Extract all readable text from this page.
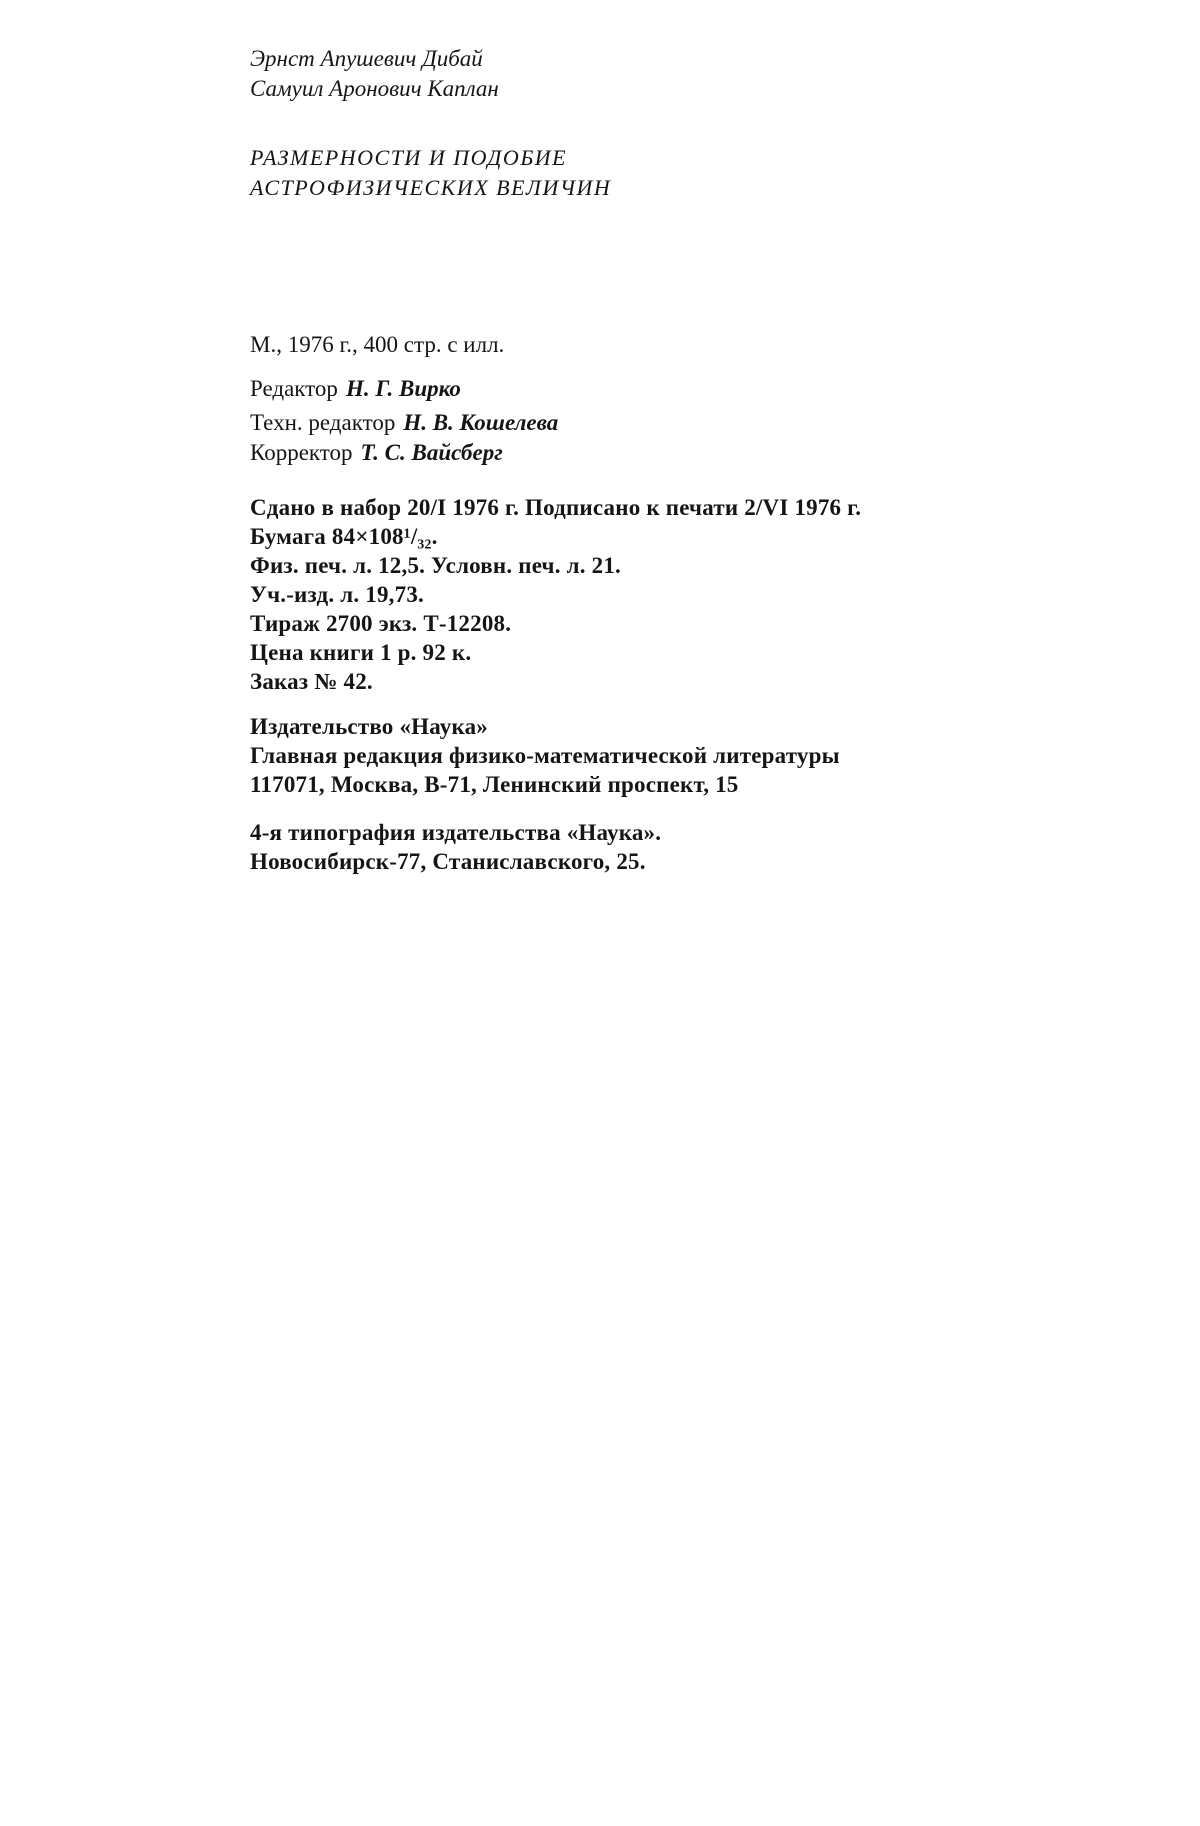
Эрнст Апушевич Дибай
Самуил Аронович Каплан
РАЗМЕРНОСТИ И ПОДОБИЕ
АСТРОФИЗИЧЕСКИХ ВЕЛИЧИН
М., 1976 г., 400 стр. с илл.
Редактор Н. Г. Вирко
Техн. редактор Н. В. Кошелева
Корректор Т. С. Вайсберг
Сдано в набор 20/I 1976 г. Подписано к печати 2/VI 1976 г.
Бумага 84×108¹/₃₂.
Физ. печ. л. 12,5. Условн. печ. л. 21.
Уч.-изд. л. 19,73.
Тираж 2700 экз. Т-12208.
Цена книги 1 р. 92 к.
Заказ № 42.
Издательство «Наука»
Главная редакция физико-математической литературы
117071, Москва, В-71, Ленинский проспект, 15
4-я типография издательства «Наука».
Новосибирск-77, Станиславского, 25.
